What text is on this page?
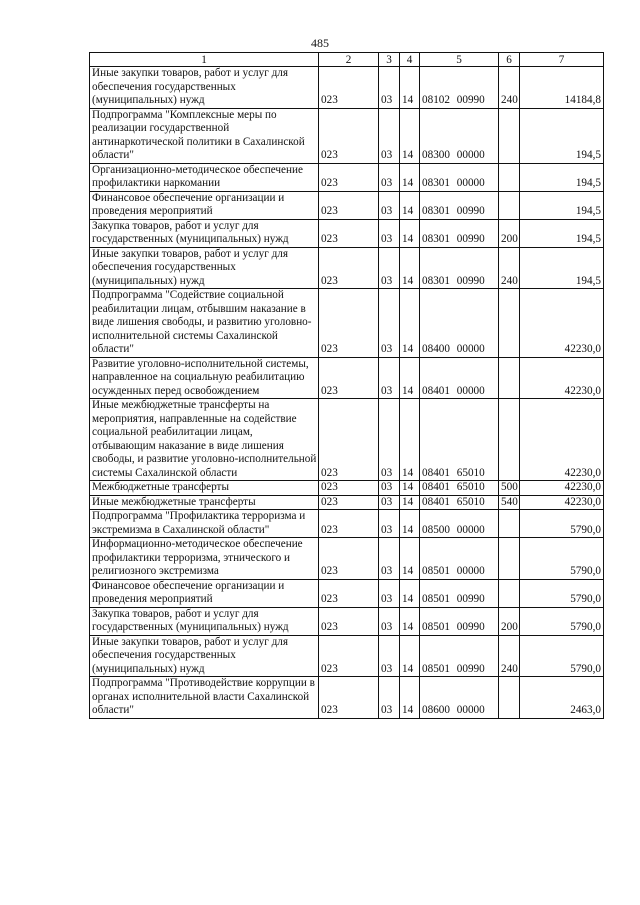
485
1	2	3	4	5	6	7
Иные закупки товаров, работ и услуг для обеспечения государственных (муниципальных) нужд	023	03	14	08102 00990	240	14184,8
Подпрограмма "Комплексные меры по реализации государственной антинаркотической политики в Сахалинской области"	023	03	14	08300 00000		194,5
Организационно-методическое обеспечение профилактики наркомании	023	03	14	08301 00000		194,5
Финансовое обеспечение организации и проведения мероприятий	023	03	14	08301 00990		194,5
Закупка товаров, работ и услуг для государственных (муниципальных) нужд	023	03	14	08301 00990	200	194,5
Иные закупки товаров, работ и услуг для обеспечения государственных (муниципальных) нужд	023	03	14	08301 00990	240	194,5
Подпрограмма "Содействие социальной реабилитации лицам, отбывшим наказание в виде лишения свободы, и развитию уголовно-исполнительной системы Сахалинской области"	023	03	14	08400 00000		42230,0
Развитие уголовно-исполнительной системы, направленное на социальную реабилитацию осужденных перед освобождением	023	03	14	08401 00000		42230,0
Иные межбюджетные трансферты на мероприятия, направленные на содействие социальной реабилитации лицам, отбывающим наказание в виде лишения свободы, и развитие уголовно-исполнительной системы Сахалинской области	023	03	14	08401 65010		42230,0
Межбюджетные трансферты	023	03	14	08401 65010	500	42230,0
Иные межбюджетные трансферты	023	03	14	08401 65010	540	42230,0
Подпрограмма "Профилактика терроризма и экстремизма в Сахалинской области"	023	03	14	08500 00000		5790,0
Информационно-методическое обеспечение профилактики терроризма, этнического и религиозного экстремизма	023	03	14	08501 00000		5790,0
Финансовое обеспечение организации и проведения мероприятий	023	03	14	08501 00990		5790,0
Закупка товаров, работ и услуг для государственных (муниципальных) нужд	023	03	14	08501 00990	200	5790,0
Иные закупки товаров, работ и услуг для обеспечения государственных (муниципальных) нужд	023	03	14	08501 00990	240	5790,0
Подпрограмма "Противодействие коррупции в органах исполнительной власти Сахалинской области"	023	03	14	08600 00000		2463,0
